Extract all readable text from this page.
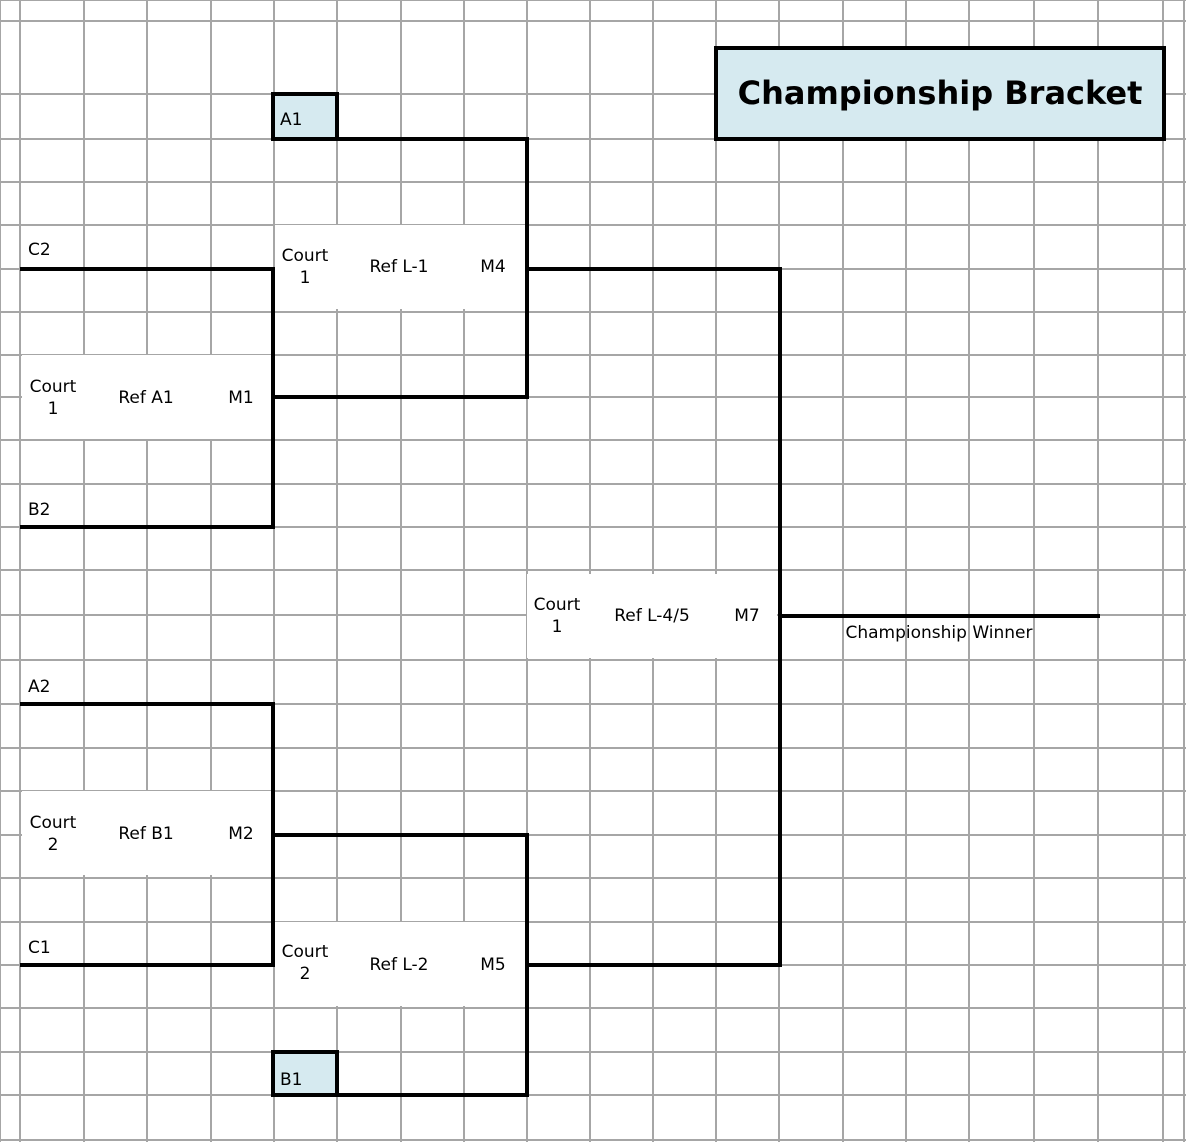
Championship Bracket
A1
C2
B2
A2
C1
B1
Court
1
Ref A1	M1
Court
1
Ref L-1	M4
Court
1
Ref L-4/5	M7
Court
2
Ref B1	M2
Court
2	Ref L-2	M5
Championship Winner
